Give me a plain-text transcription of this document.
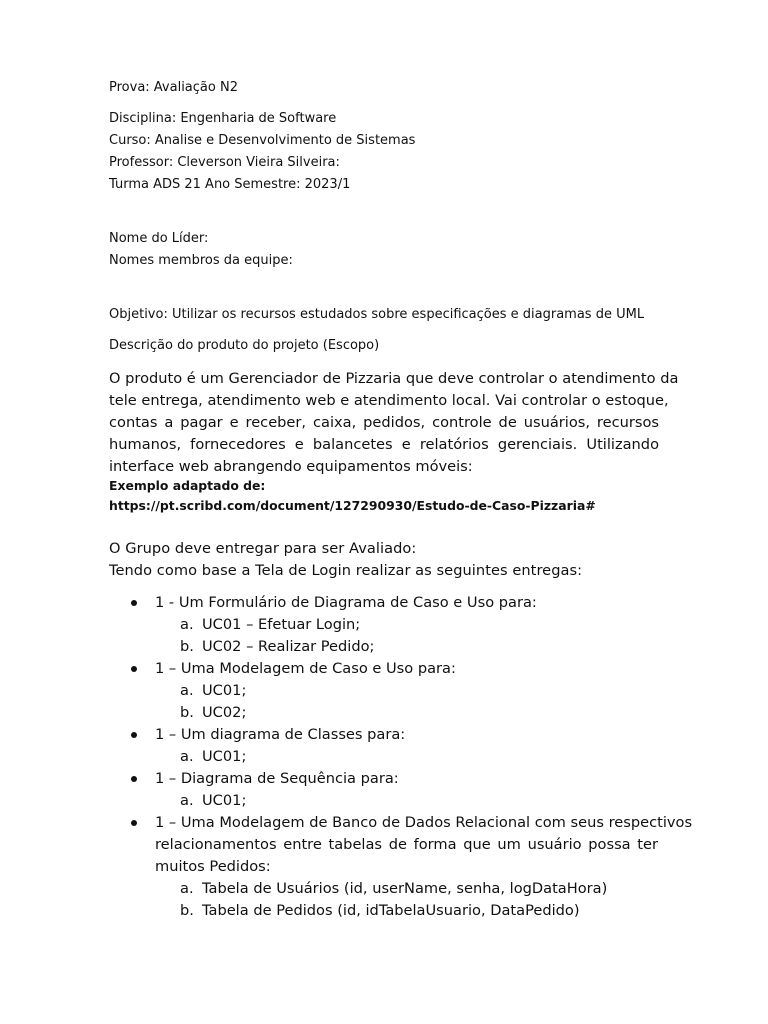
Prova: Avaliação N2
Disciplina: Engenharia de Software
Curso: Analise e Desenvolvimento de Sistemas
Professor: Cleverson Vieira Silveira:
Turma ADS 21 Ano Semestre: 2023/1
Nome do Líder:
Nomes membros da equipe:
Objetivo: Utilizar os recursos estudados sobre especificações e diagramas de UML
Descrição do produto do projeto (Escopo)
O produto é um Gerenciador de Pizzaria que deve controlar o atendimento da
tele entrega, atendimento web e atendimento local. Vai controlar o estoque,
contas a pagar e receber, caixa, pedidos, controle de usuários, recursos
humanos, fornecedores e balancetes e relatórios gerenciais. Utilizando
interface web abrangendo equipamentos móveis:
Exemplo adaptado de:
https://pt.scribd.com/document/127290930/Estudo-de-Caso-Pizzaria#
O Grupo deve entregar para ser Avaliado:
Tendo como base a Tela de Login realizar as seguintes entregas:
1 - Um Formulário de Diagrama de Caso e Uso para:
a. UC01 – Efetuar Login;
b. UC02 – Realizar Pedido;
1 – Uma Modelagem de Caso e Uso para:
a. UC01;
b. UC02;
1 – Um diagrama de Classes para:
a. UC01;
1 – Diagrama de Sequência para:
a. UC01;
1 – Uma Modelagem de Banco de Dados Relacional com seus respectivos
relacionamentos entre tabelas de forma que um usuário possa ter
muitos Pedidos:
a. Tabela de Usuários (id, userName, senha, logDataHora)
b. Tabela de Pedidos (id, idTabelaUsuario, DataPedido)
